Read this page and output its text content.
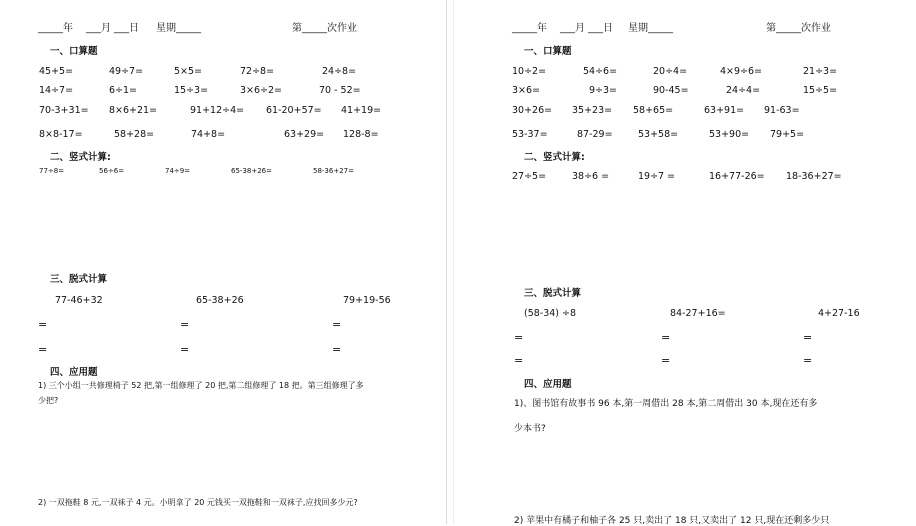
_____年 ___月 ___日 星期_____	第_____次作业
一、口算题
45+5=	49÷7=	5×5=	72÷8=	24÷8=
14÷7=	6÷1=	15÷3=	3×6÷2=	70 - 52=
70-3+31= 8×6+21=	91+12÷4= 61-20+57= 41+19=
8×8-17=	58+28=	74+8=	63+29= 128-8=
二、竖式计算:
77÷8=	56÷6=	74÷9=	65-38+26=	58-36+27=
三、脱式计算
77-46+32	65-38+26	79+19-56
=	=	=
=	=	=
四、应用题
1) 三个小组一共修理椅子 52 把,第一组修理了 20 把,第二组修理了 18 把。第三组修理了多
少把?
2) 一双拖鞋 8 元,一双袜子 4 元。小明拿了 20 元钱买一双拖鞋和一双袜子,应找回多少元?
_____年 ___月 ___日 星期_____	第_____次作业
一、口算题
10÷2=	54÷6=	20÷4=	4×9÷6=	21÷3=
3×6=	9÷3=	90-45=	24÷4=	15÷5=
30+26= 35+23= 58+65=	63+91= 91-63=
53-37=	87-29=	53+58=	53+90= 79+5=
二、竖式计算:
27÷5=	38÷6 =	19÷7 =	16+77-26= 18-36+27=
三、脱式计算
(58-34) ÷8	84-27+16=	4+27-16
=	=	=
=	=	=
四、应用题
1)、图书馆有故事书 96 本,第一周借出 28 本,第二周借出 30 本,现在还有多
少本书?
2) 苹果中有橘子和柚子各 25 只,卖出了 18 只,又卖出了 12 只,现在还剩多少只
